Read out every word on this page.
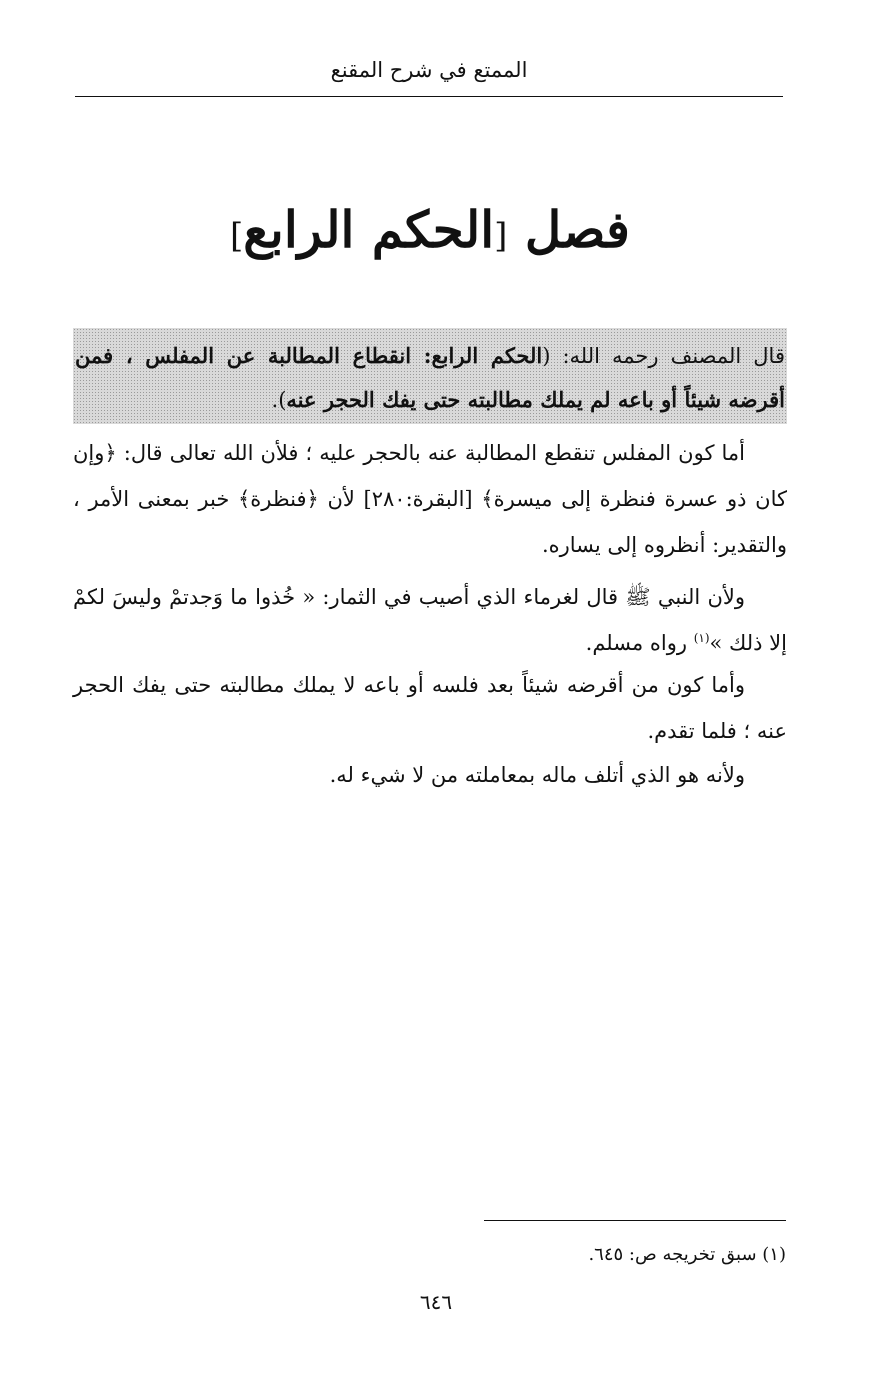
الممتع في شرح المقنع
فصل [الحكم الرابع]
قال المصنف رحمه الله: (الحكم الرابع: انقطاع المطالبة عن المفلس ، فمن أقرضه شيئاً أو باعه لم يملك مطالبته حتى يفك الحجر عنه).
أما كون المفلس تنقطع المطالبة عنه بالحجر عليه ؛ فلأن الله تعالى قال: ﴿وإن كان ذو عسرة فنظرة إلى ميسرة﴾ [البقرة:٢٨٠] لأن ﴿فنظرة﴾ خبر بمعنى الأمر ، والتقدير: أنظروه إلى يساره.
ولأن النبي ﷺ قال لغرماء الذي أصيب في الثمار: « خُذوا ما وَجدتمْ وليسَ لكمْ إلا ذلك »$^{(١)}$ رواه مسلم.
وأما كون من أقرضه شيئاً بعد فلسه أو باعه لا يملك مطالبته حتى يفك الحجر عنه ؛ فلما تقدم.
ولأنه هو الذي أتلف ماله بمعاملته من لا شيء له.
(١) سبق تخريجه ص: ٦٤٥.
٦٤٦
